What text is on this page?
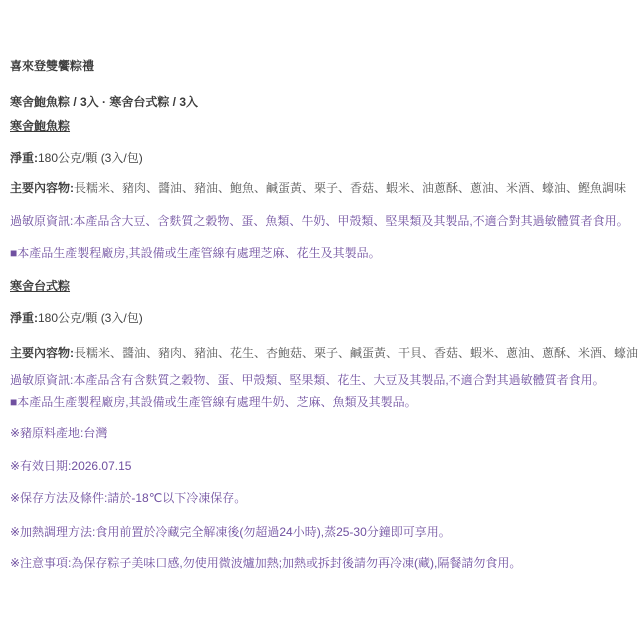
喜來登雙饗粽禮
寒舍鮑魚粽 / 3入 · 寒舍台式粽 / 3入
寒舍鮑魚粽
淨重:180公克/顆 (3入/包)
主要內容物:長糯米、豬肉、醬油、豬油、鮑魚、鹹蛋黃、栗子、香菇、蝦米、油蔥酥、蔥油、米酒、蠔油、鰹魚調味
過敏原資訊:本產品含大豆、含麩質之穀物、蛋、魚類、牛奶、甲殼類、堅果類及其製品,不適合對其過敏體質者食用。
■本產品生產製程廠房,其設備或生產管線有處理芝麻、花生及其製品。
寒舍台式粽
淨重:180公克/顆 (3入/包)
主要內容物:長糯米、醬油、豬肉、豬油、花生、杏鮑菇、栗子、鹹蛋黃、干貝、香菇、蝦米、蔥油、蔥酥、米酒、蠔油
過敏原資訊:本產品含有含麩質之穀物、蛋、甲殼類、堅果類、花生、大豆及其製品,不適合對其過敏體質者食用。
■本產品生產製程廠房,其設備或生產管線有處理牛奶、芝麻、魚類及其製品。
※豬原料產地:台灣
※有效日期:2026.07.15
※保存方法及條件:請於-18℃以下冷凍保存。
※加熱調理方法:食用前置於冷藏完全解凍後(勿超過24小時),蒸25-30分鐘即可享用。
※注意事項:為保存粽子美味口感,勿使用微波爐加熱;加熱或拆封後請勿再冷凍(藏),隔餐請勿食用。
